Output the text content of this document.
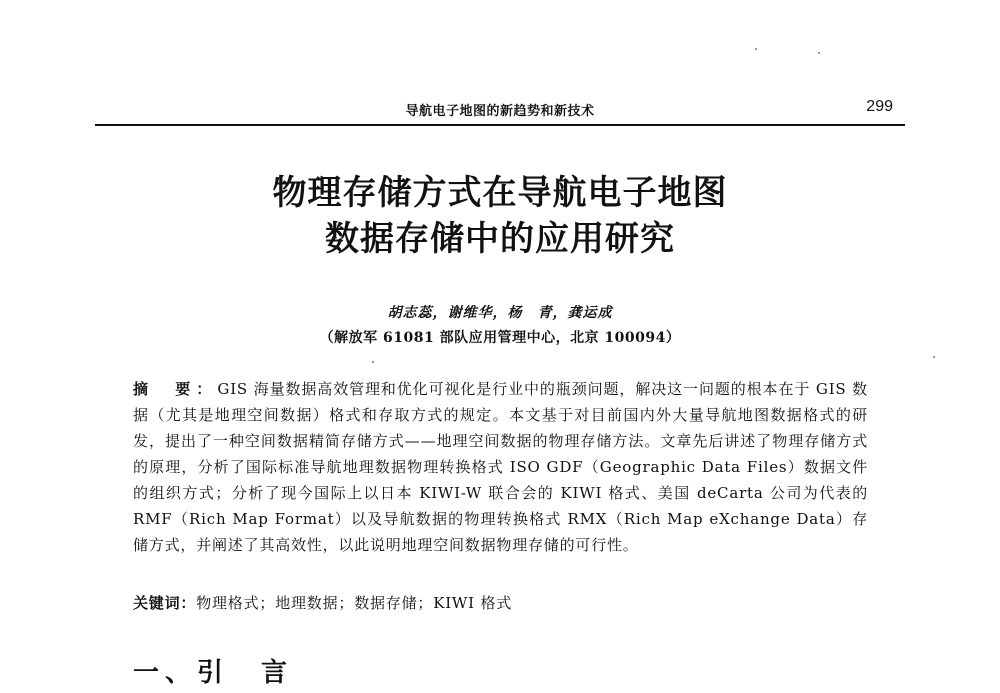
导航电子地图的新趋势和新技术	299
物理存储方式在导航电子地图
数据存储中的应用研究
胡志蕊，谢维华，杨　青，龚运成
（解放军 61081 部队应用管理中心，北京 100094）
摘　要：GIS 海量数据高效管理和优化可视化是行业中的瓶颈问题，解决这一问题的根本在于 GIS 数据（尤其是地理空间数据）格式和存取方式的规定。本文基于对目前国内外大量导航地图数据格式的研发，提出了一种空间数据精简存储方式——地理空间数据的物理存储方法。文章先后讲述了物理存储方式的原理，分析了国际标准导航地理数据物理转换格式 ISO GDF（Geographic Data Files）数据文件的组织方式；分析了现今国际上以日本 KIWI-W 联合会的 KIWI 格式、美国 deCarta 公司为代表的 RMF（Rich Map Format）以及导航数据的物理转换格式 RMX（Rich Map eXchange Data）存储方式，并阐述了其高效性，以此说明地理空间数据物理存储的可行性。
关键词：物理格式；地理数据；数据存储；KIWI 格式
一、引　言
